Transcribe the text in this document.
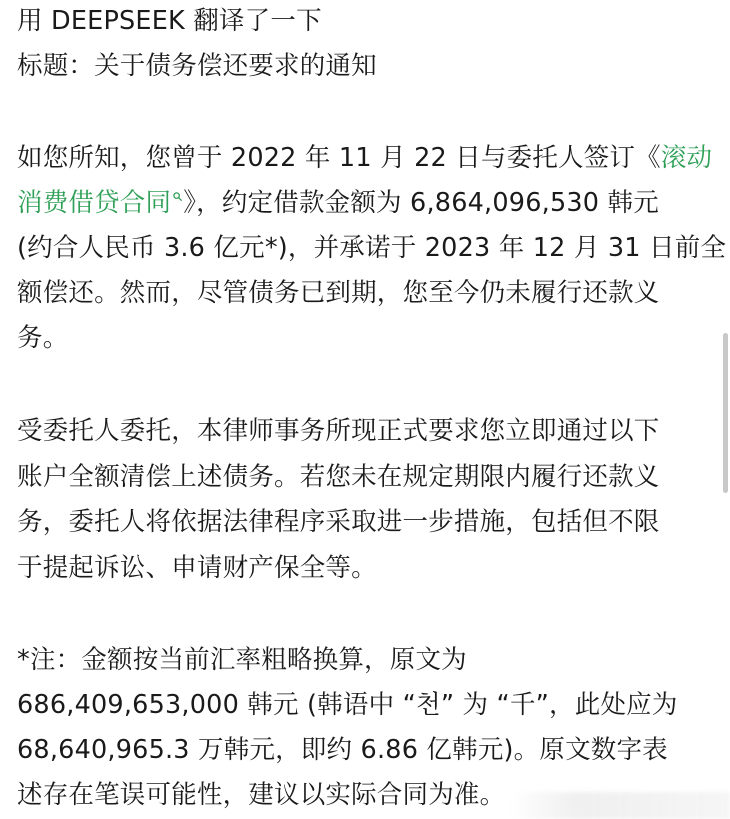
用 DEEPSEEK 翻译了一下
标题：关于债务偿还要求的通知
如您所知，您曾于 2022 年 11 月 22 日与委托人签订《滚动
消费借贷合同 》，约定借款金额为 6,864,096,530 韩元
(约合人民币 3.6 亿元*)，并承诺于 2023 年 12 月 31 日前全
额偿还。然而，尽管债务已到期，您至今仍未履行还款义
务。
受委托人委托，本律师事务所现正式要求您立即通过以下
账户全额清偿上述债务。若您未在规定期限内履行还款义
务，委托人将依据法律程序采取进一步措施，包括但不限
于提起诉讼、申请财产保全等。
*注：金额按当前汇率粗略换算，原文为
686,409,653,000 韩元 (韩语中 “천” 为 “千”，此处应为
68,640,965.3 万韩元，即约 6.86 亿韩元)。原文数字表
述存在笔误可能性，建议以实际合同为准。
